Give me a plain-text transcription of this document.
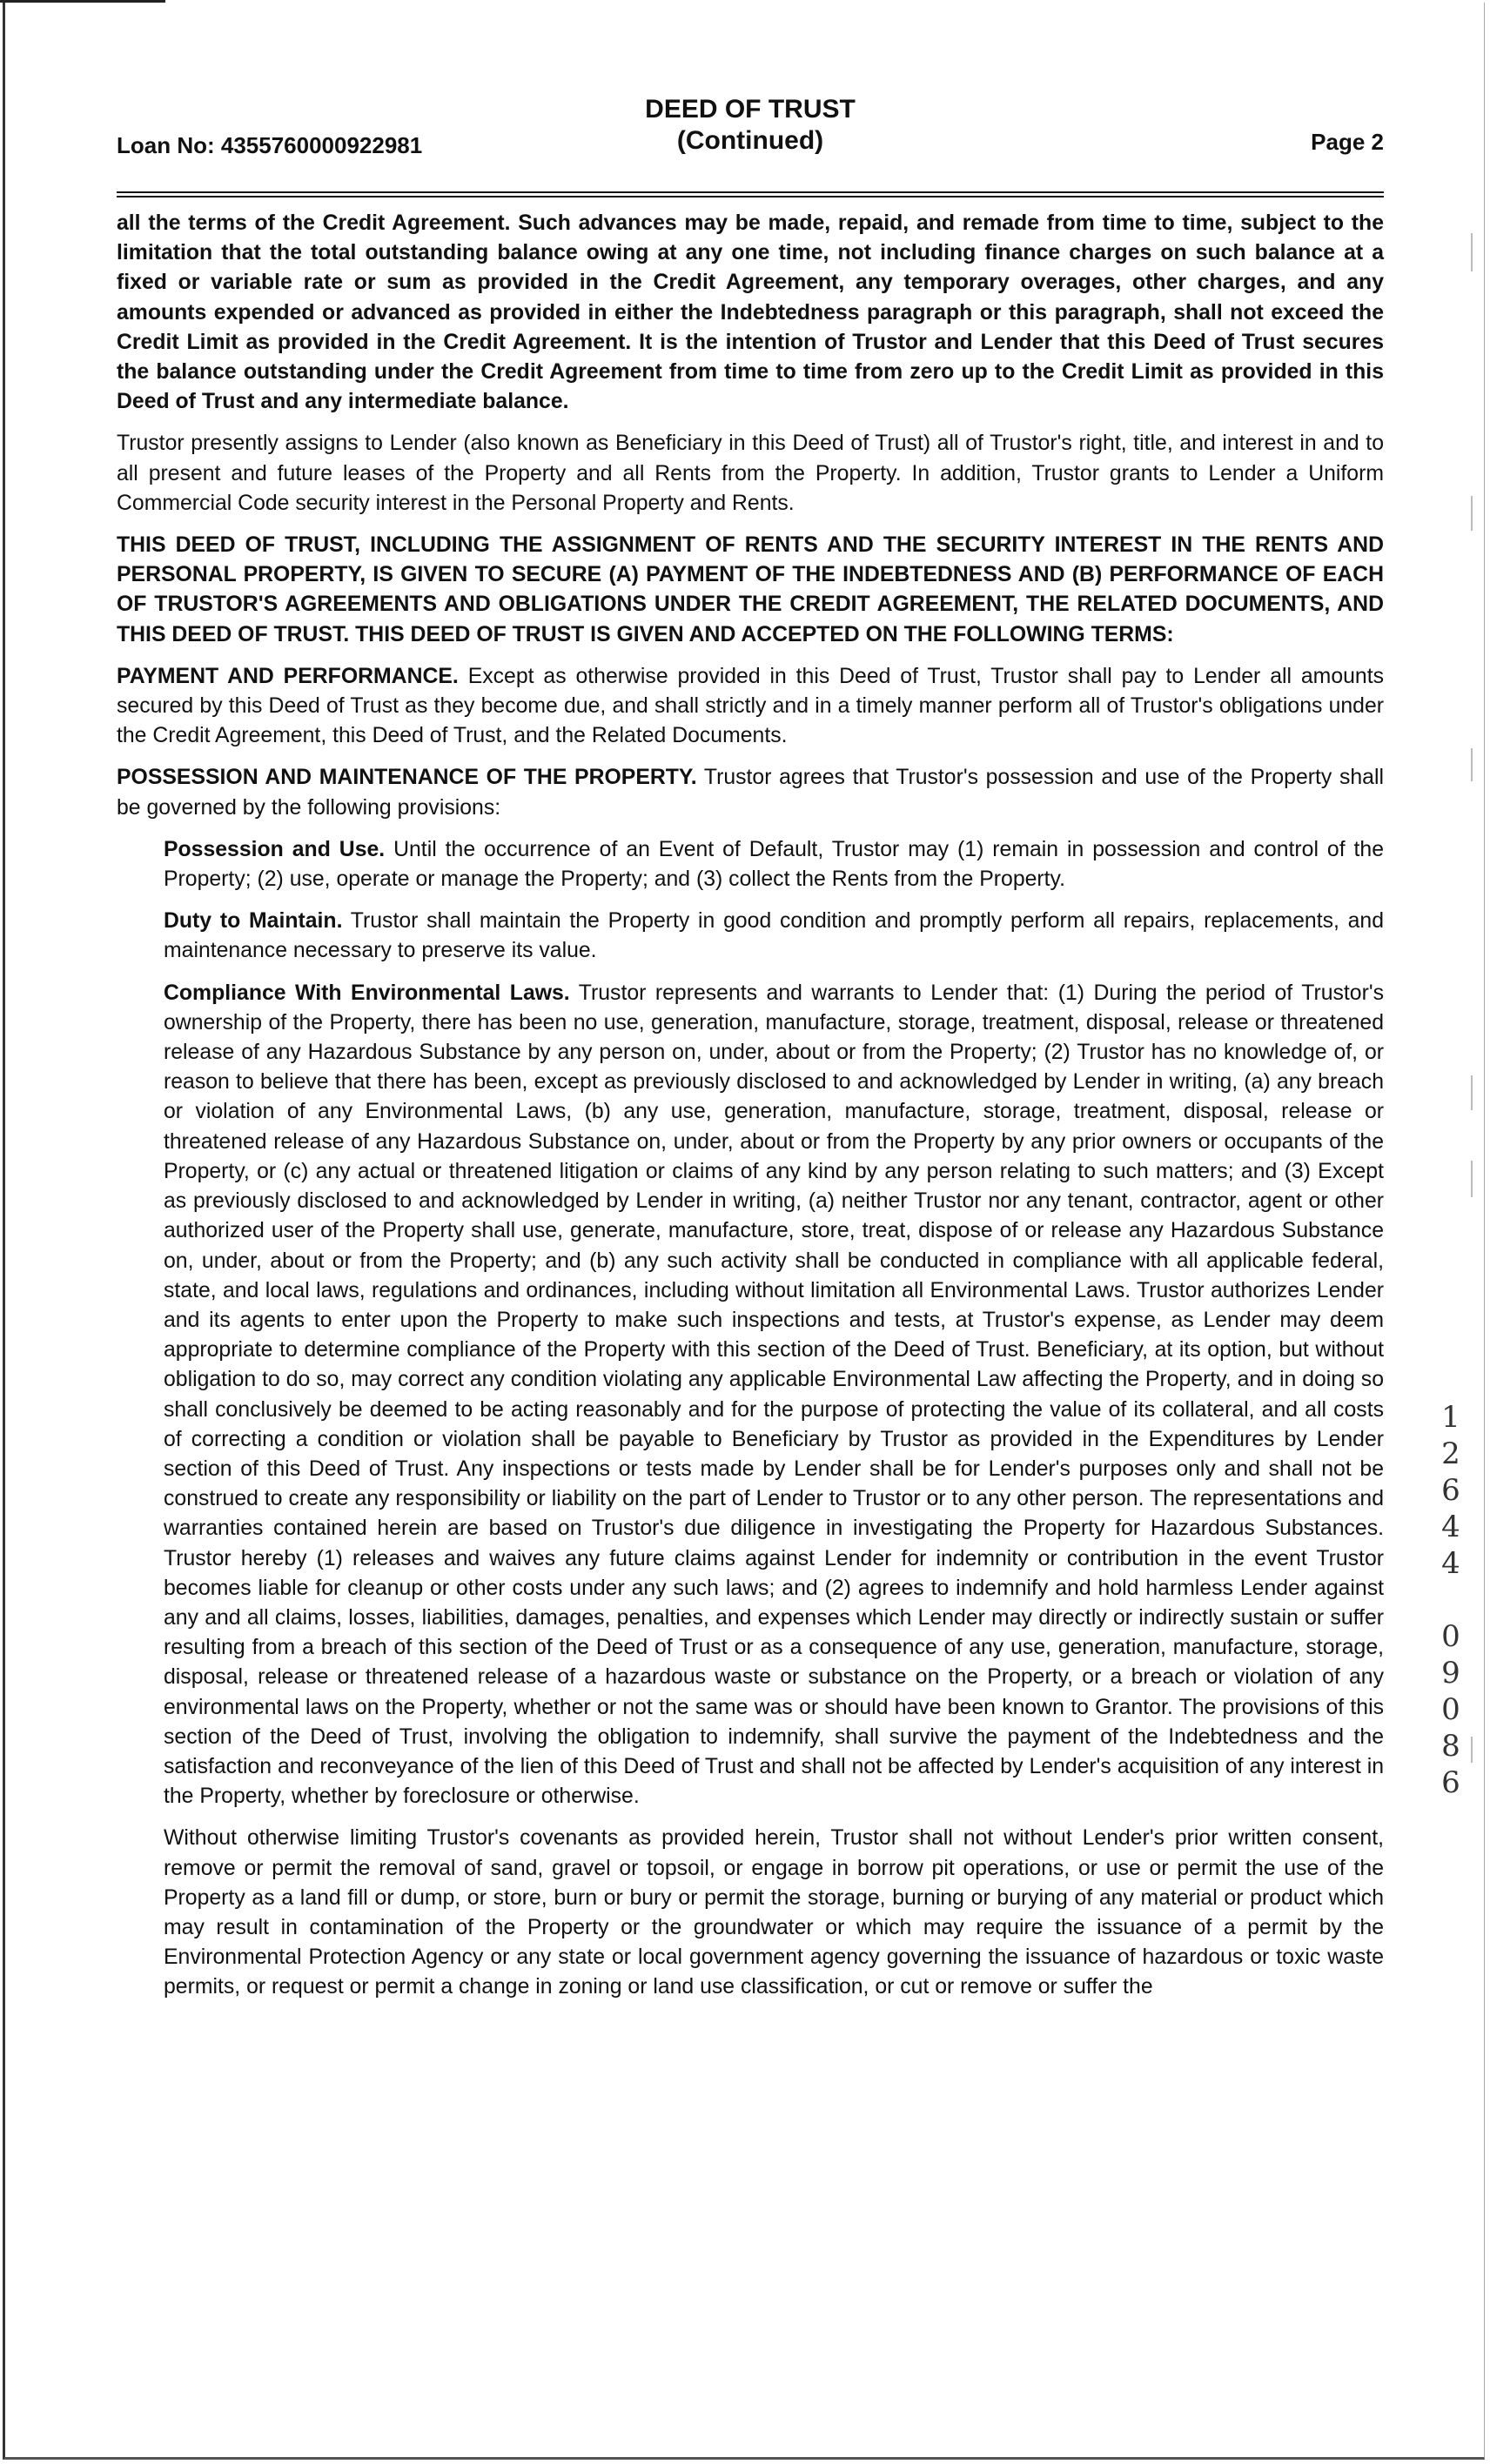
Loan No: 4355760000922981
DEED OF TRUST
(Continued)	Page 2

all the terms of the Credit Agreement. Such advances may be made, repaid, and remade from time to time, subject to the limitation that the total outstanding balance owing at any one time, not including finance charges on such balance at a fixed or variable rate or sum as provided in the Credit Agreement, any temporary overages, other charges, and any amounts expended or advanced as provided in either the Indebtedness paragraph or this paragraph, shall not exceed the Credit Limit as provided in the Credit Agreement. It is the intention of Trustor and Lender that this Deed of Trust secures the balance outstanding under the Credit Agreement from time to time from zero up to the Credit Limit as provided in this Deed of Trust and any intermediate balance.

Trustor presently assigns to Lender (also known as Beneficiary in this Deed of Trust) all of Trustor's right, title, and interest in and to all present and future leases of the Property and all Rents from the Property. In addition, Trustor grants to Lender a Uniform Commercial Code security interest in the Personal Property and Rents.

THIS DEED OF TRUST, INCLUDING THE ASSIGNMENT OF RENTS AND THE SECURITY INTEREST IN THE RENTS AND PERSONAL PROPERTY, IS GIVEN TO SECURE (A) PAYMENT OF THE INDEBTEDNESS AND (B) PERFORMANCE OF EACH OF TRUSTOR'S AGREEMENTS AND OBLIGATIONS UNDER THE CREDIT AGREEMENT, THE RELATED DOCUMENTS, AND THIS DEED OF TRUST. THIS DEED OF TRUST IS GIVEN AND ACCEPTED ON THE FOLLOWING TERMS:

PAYMENT AND PERFORMANCE. Except as otherwise provided in this Deed of Trust, Trustor shall pay to Lender all amounts secured by this Deed of Trust as they become due, and shall strictly and in a timely manner perform all of Trustor's obligations under the Credit Agreement, this Deed of Trust, and the Related Documents.

POSSESSION AND MAINTENANCE OF THE PROPERTY. Trustor agrees that Trustor's possession and use of the Property shall be governed by the following provisions:

Possession and Use. Until the occurrence of an Event of Default, Trustor may (1) remain in possession and control of the Property; (2) use, operate or manage the Property; and (3) collect the Rents from the Property.

Duty to Maintain. Trustor shall maintain the Property in good condition and promptly perform all repairs, replacements, and maintenance necessary to preserve its value.

Compliance With Environmental Laws. Trustor represents and warrants to Lender that: (1) During the period of Trustor's ownership of the Property, there has been no use, generation, manufacture, storage, treatment, disposal, release or threatened release of any Hazardous Substance by any person on, under, about or from the Property; (2) Trustor has no knowledge of, or reason to believe that there has been, except as previously disclosed to and acknowledged by Lender in writing, (a) any breach or violation of any Environmental Laws, (b) any use, generation, manufacture, storage, treatment, disposal, release or threatened release of any Hazardous Substance on, under, about or from the Property by any prior owners or occupants of the Property, or (c) any actual or threatened litigation or claims of any kind by any person relating to such matters; and (3) Except as previously disclosed to and acknowledged by Lender in writing, (a) neither Trustor nor any tenant, contractor, agent or other authorized user of the Property shall use, generate, manufacture, store, treat, dispose of or release any Hazardous Substance on, under, about or from the Property; and (b) any such activity shall be conducted in compliance with all applicable federal, state, and local laws, regulations and ordinances, including without limitation all Environmental Laws. Trustor authorizes Lender and its agents to enter upon the Property to make such inspections and tests, at Trustor's expense, as Lender may deem appropriate to determine compliance of the Property with this section of the Deed of Trust. Beneficiary, at its option, but without obligation to do so, may correct any condition violating any applicable Environmental Law affecting the Property, and in doing so shall conclusively be deemed to be acting reasonably and for the purpose of protecting the value of its collateral, and all costs of correcting a condition or violation shall be payable to Beneficiary by Trustor as provided in the Expenditures by Lender section of this Deed of Trust. Any inspections or tests made by Lender shall be for Lender's purposes only and shall not be construed to create any responsibility or liability on the part of Lender to Trustor or to any other person. The representations and warranties contained herein are based on Trustor's due diligence in investigating the Property for Hazardous Substances. Trustor hereby (1) releases and waives any future claims against Lender for indemnity or contribution in the event Trustor becomes liable for cleanup or other costs under any such laws; and (2) agrees to indemnify and hold harmless Lender against any and all claims, losses, liabilities, damages, penalties, and expenses which Lender may directly or indirectly sustain or suffer resulting from a breach of this section of the Deed of Trust or as a consequence of any use, generation, manufacture, storage, disposal, release or threatened release of a hazardous waste or substance on the Property, or a breach or violation of any environmental laws on the Property, whether or not the same was or should have been known to Grantor. The provisions of this section of the Deed of Trust, involving the obligation to indemnify, shall survive the payment of the Indebtedness and the satisfaction and reconveyance of the lien of this Deed of Trust and shall not be affected by Lender's acquisition of any interest in the Property, whether by foreclosure or otherwise.

Without otherwise limiting Trustor's covenants as provided herein, Trustor shall not without Lender's prior written consent, remove or permit the removal of sand, gravel or topsoil, or engage in borrow pit operations, or use or permit the use of the Property as a land fill or dump, or store, burn or bury or permit the storage, burning or burying of any material or product which may result in contamination of the Property or the groundwater or which may require the issuance of a permit by the Environmental Protection Agency or any state or local government agency governing the issuance of hazardous or toxic waste permits, or request or permit a change in zoning or land use classification, or cut or remove or suffer the

1
2
6
4
4

0
9
0
8
6
